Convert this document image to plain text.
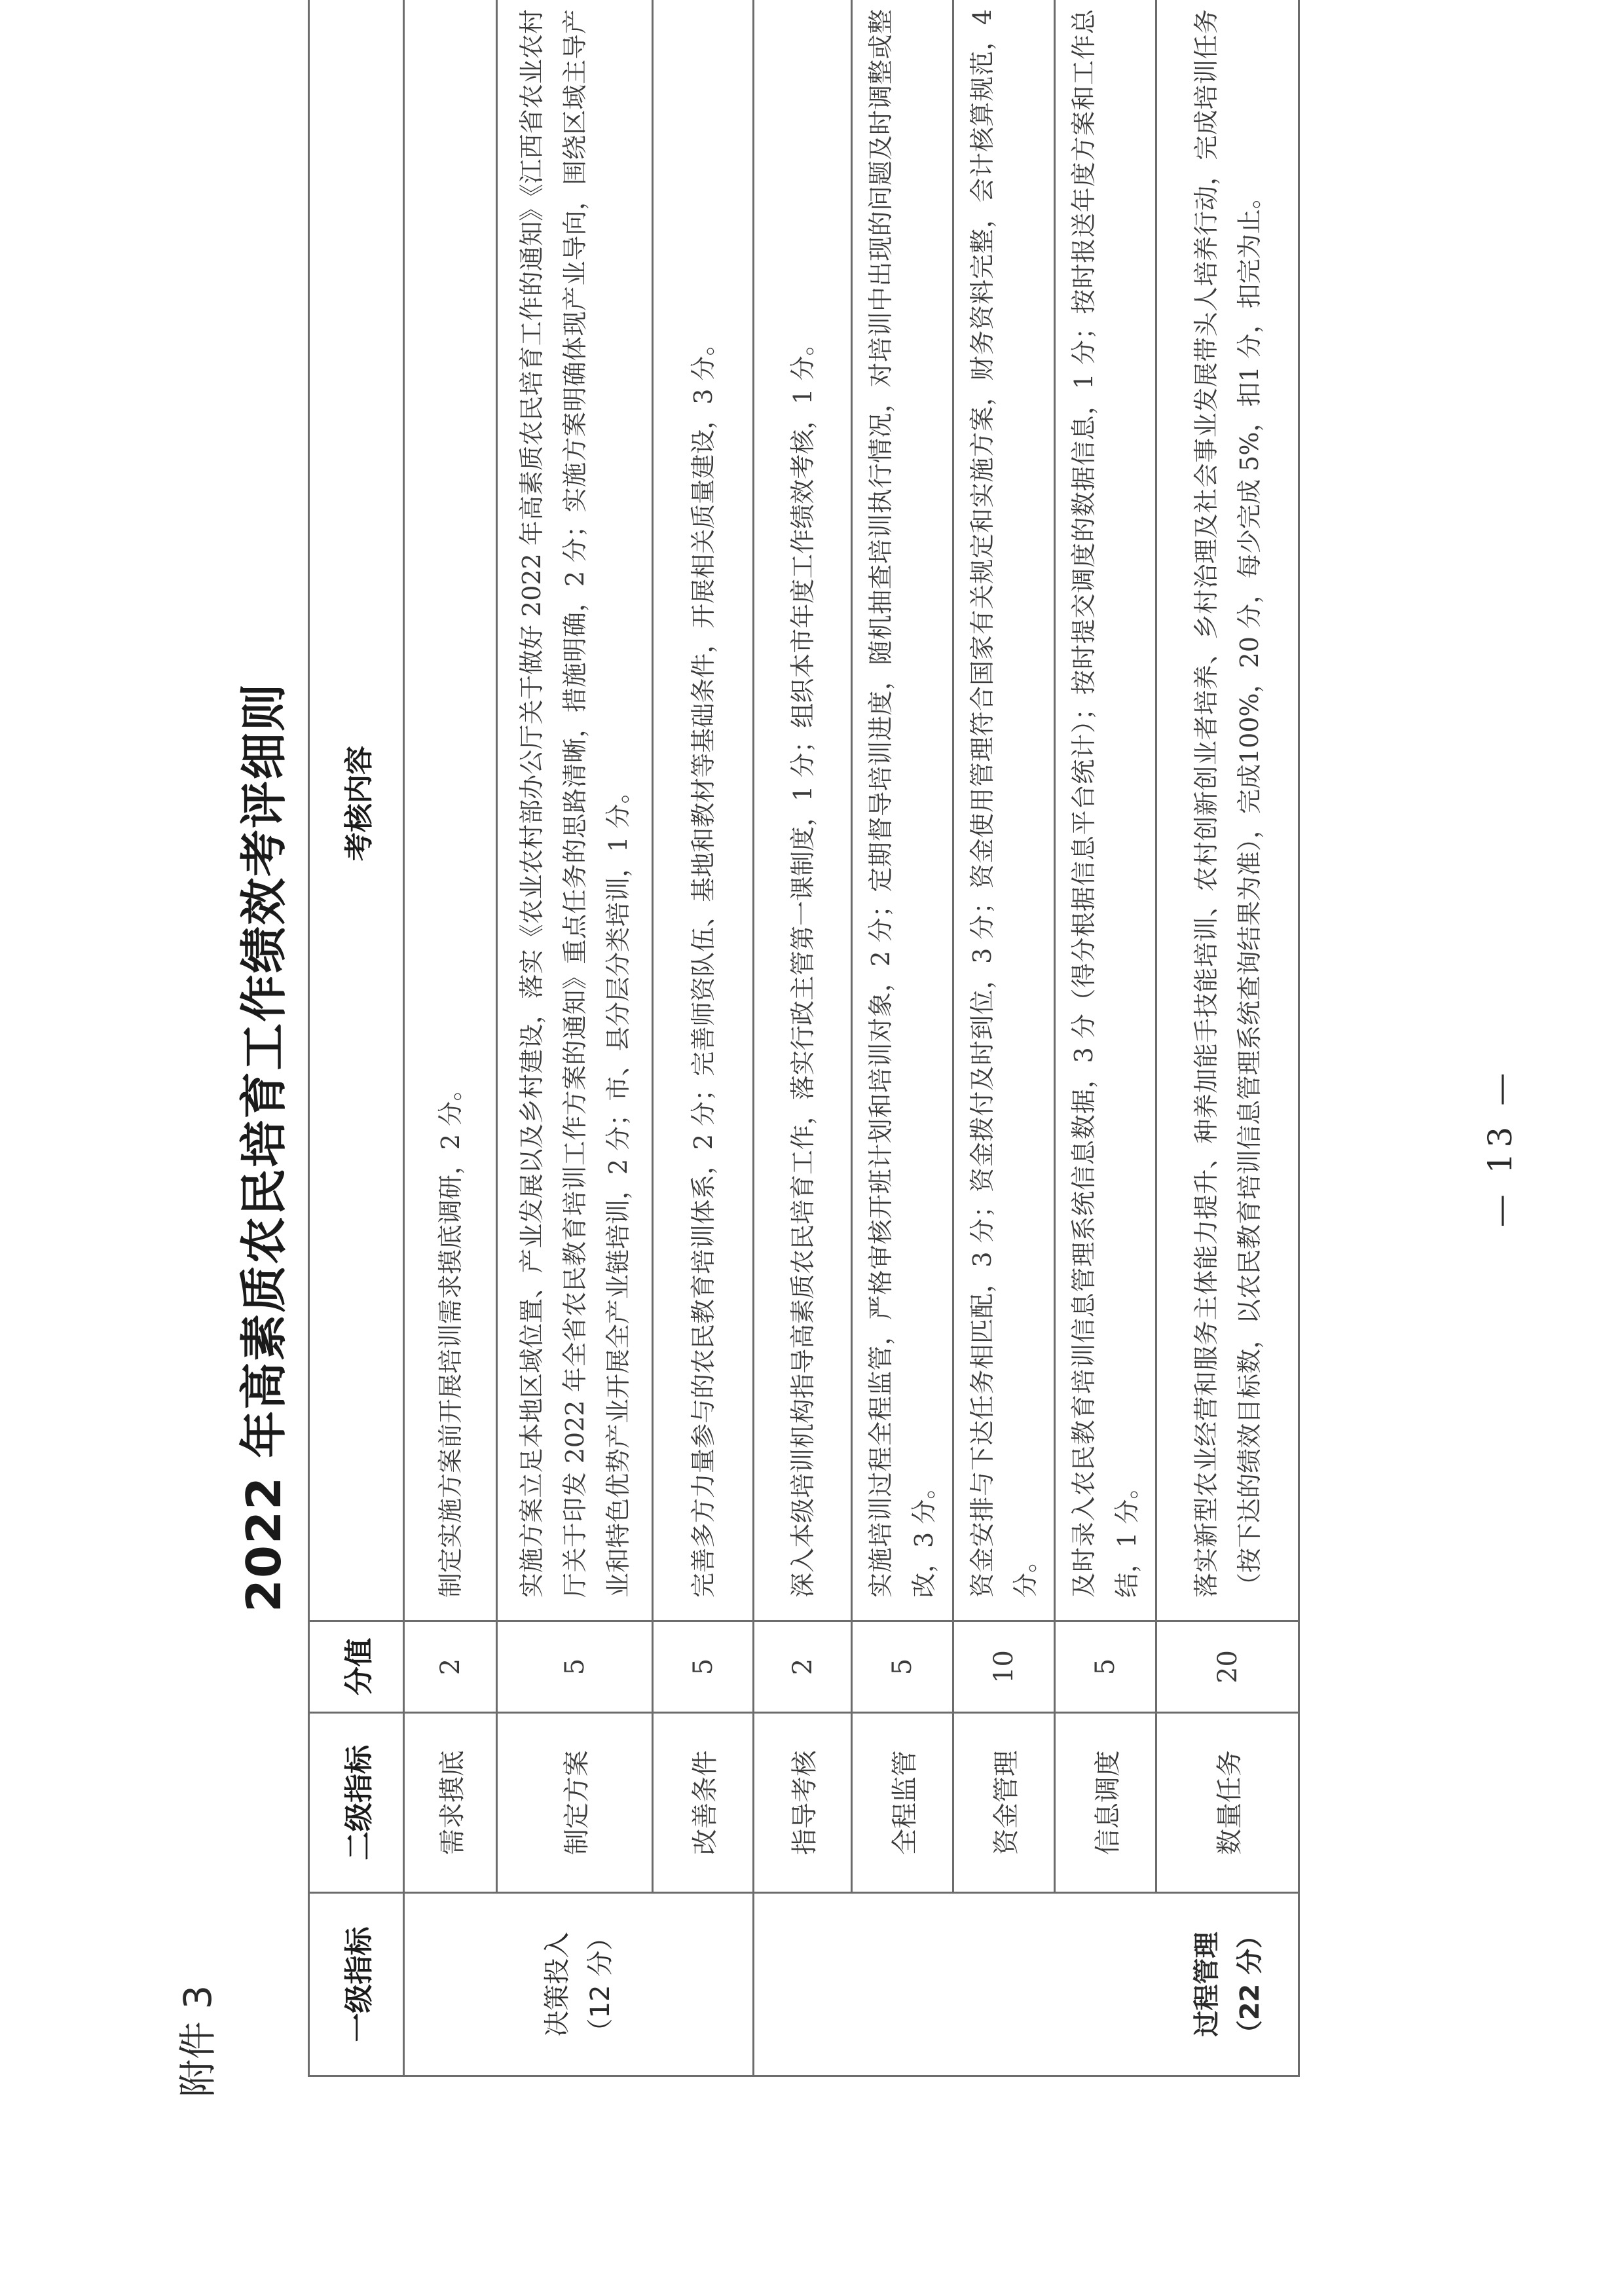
附件 3
2022 年高素质农民培育工作绩效考评细则
一级指标	二级指标	分值	考核内容

决策投入 （12 分）	需求摸底	2	制定实施方案前开展培训需求摸底调研，2 分。
	制定方案	5	实施方案立足本地区域位置、产业发展以及乡村建设，落实《农业农村部办公厅关于做好 2022 年高素质农民培育工作的通知》《江西省农业农村厅关于印发 2022 年全省农民教育培训工作方案的通知》重点任务的思路清晰，措施明确，2 分；实施方案明确体现产业导向，围绕区域主导产业和特色优势产业开展全产业链培训，2 分；市、县分层分类培训，1 分。
	改善条件	5	完善多方力量参与的农民教育培训体系，2 分；完善师资队伍、基地和教材等基础条件，开展相关质量建设，3 分。

过程管理 （22 分）	指导考核	2	深入本级培训机构指导高素质农民培育工作，落实行政主管第一课制度，1 分；组织本市年度工作绩效考核，1 分。
	全程监管	5	实施培训过程全程监管，严格审核开班计划和培训对象，2 分；定期督导培训进度，随机抽查培训执行情况，对培训中出现的问题及时调整或整改，3 分。
	资金管理	10	资金安排与下达任务相匹配，3 分；资金拨付及时到位，3 分；资金使用管理符合国家有关规定和实施方案，财务资料完整，会计核算规范，4 分。
	信息调度	5	及时录入农民教育培训信息管理系统信息数据，3 分（得分根据信息平台统计）；按时提交调度的数据信息，1 分；按时报送年度方案和工作总结，1 分。
	数量任务	20	落实新型农业经营和服务主体能力提升、种养加能手技能培训、农村创新创业者培养、乡村治理及社会事业发展带头人培养行动，完成培训任务（按下达的绩效目标数，以农民教育培训信息管理系统查询结果为准），完成100%，20 分，每少完成 5%，扣1 分，扣完为止。	— 13 —
